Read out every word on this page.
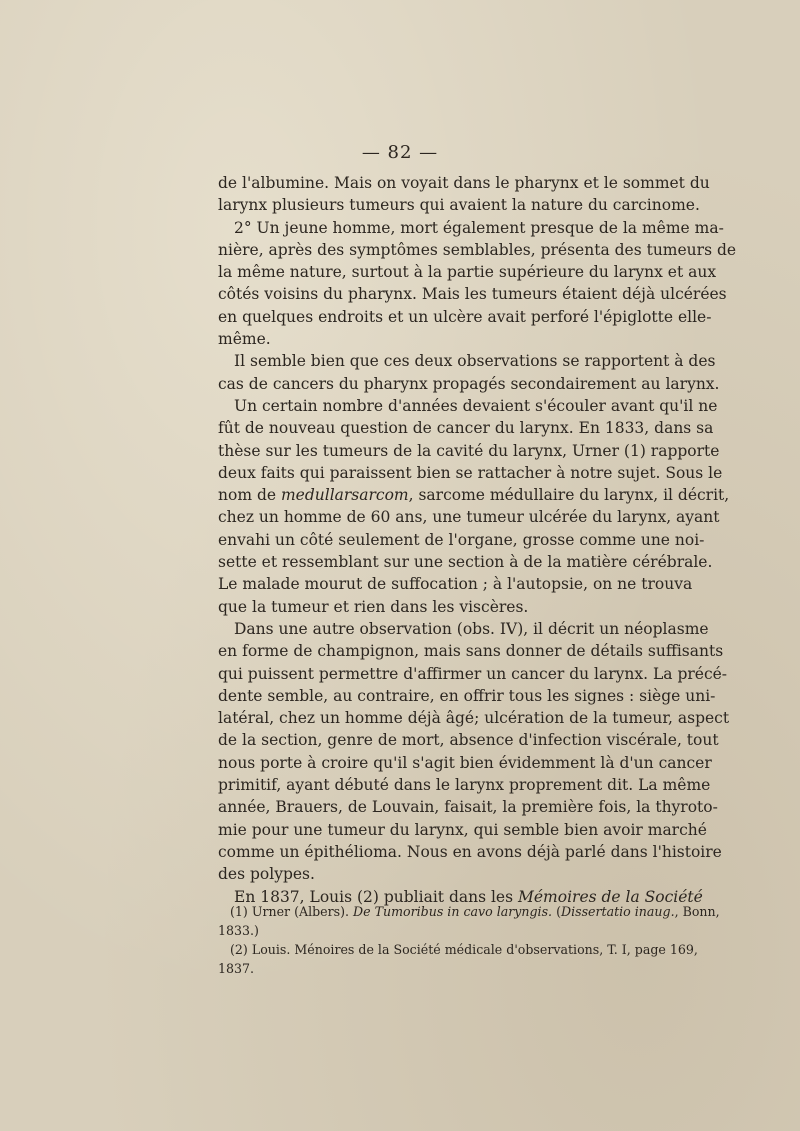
— 82 —
de l'albumine. Mais on voyait dans le pharynx et le sommet du
larynx plusieurs tumeurs qui avaient la nature du carcinome.
2° Un jeune homme, mort également presque de la même ma-
nière, après des symptômes semblables, présenta des tumeurs de
la même nature, surtout à la partie supérieure du larynx et aux
côtés voisins du pharynx. Mais les tumeurs étaient déjà ulcérées
en quelques endroits et un ulcère avait perforé l'épiglotte elle-
même.
Il semble bien que ces deux observations se rapportent à des
cas de cancers du pharynx propagés secondairement au larynx.
Un certain nombre d'années devaient s'écouler avant qu'il ne
fût de nouveau question de cancer du larynx. En 1833, dans sa
thèse sur les tumeurs de la cavité du larynx, Urner (1) rapporte
deux faits qui paraissent bien se rattacher à notre sujet. Sous le
nom de medullarsarcom, sarcome médullaire du larynx, il décrit,
chez un homme de 60 ans, une tumeur ulcérée du larynx, ayant
envahi un côté seulement de l'organe, grosse comme une noi-
sette et ressemblant sur une section à de la matière cérébrale.
Le malade mourut de suffocation ; à l'autopsie, on ne trouva
que la tumeur et rien dans les viscères.
Dans une autre observation (obs. IV), il décrit un néoplasme
en forme de champignon, mais sans donner de détails suffisants
qui puissent permettre d'affirmer un cancer du larynx. La précé-
dente semble, au contraire, en offrir tous les signes : siège uni-
latéral, chez un homme déjà âgé; ulcération de la tumeur, aspect
de la section, genre de mort, absence d'infection viscérale, tout
nous porte à croire qu'il s'agit bien évidemment là d'un cancer
primitif, ayant débuté dans le larynx proprement dit. La même
année, Brauers, de Louvain, faisait, la première fois, la thyroto-
mie pour une tumeur du larynx, qui semble bien avoir marché
comme un épithélioma. Nous en avons déjà parlé dans l'histoire
des polypes.
En 1837, Louis (2) publiait dans les Mémoires de la Société
(1) Urner (Albers). De Tumoribus in cavo laryngis. (Dissertatio inaug., Bonn,
1833.)
(2) Louis. Ménoires de la Société médicale d'observations, T. I, page 169,
1837.
